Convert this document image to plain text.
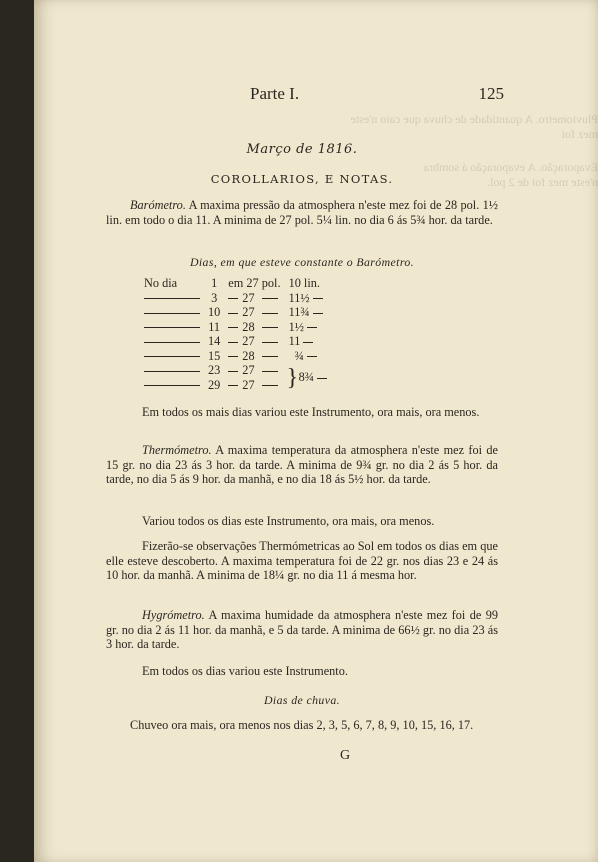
Pluviometro. A quantidade de chuva que caio n'este mez foi
Evaporação. A evaporação á sombra n'este mez foi de 2 pol.
Parte I.	125
Março de 1816.
COROLLARIOS, E NOTAS.

Barómetro. A maxima pressão da atmosphera n'este mez foi de 28 pol. 1½ lin. em todo o dia 11. A minima de 27 pol. 5¼ lin. no dia 6 ás 5¾ hor. da tarde.

Dias, em que esteve constante o Barómetro.
No dia	1	em 27 pol.	10 lin.
	3	27	11½
	10	27	11¾
	11	28	1½
	14	27	11
	15	28	¾
	23	27	} 8¾

	29	27	

Em todos os mais dias variou este Instrumento, ora mais, ora menos.

Thermómetro. A maxima temperatura da atmosphera n'este mez foi de 15 gr. no dia 23 ás 3 hor. da tarde. A minima de 9¾ gr. no dia 2 ás 5 hor. da tarde, no dia 5 ás 9 hor. da manhã, e no dia 18 ás 5½ hor. da tarde.

Variou todos os dias este Instrumento, ora mais, ora menos.

Fizerão-se observações Thermómetricas ao Sol em todos os dias em que elle esteve descoberto. A maxima temperatura foi de 22 gr. nos dias 23 e 24 ás 10 hor. da manhã. A minima de 18¼ gr. no dia 11 á mesma hor.

Hygrómetro. A maxima humidade da atmosphera n'este mez foi de 99 gr. no dia 2 ás 11 hor. da manhã, e 5 da tarde. A minima de 66½ gr. no dia 23 ás 3 hor. da tarde.

Em todos os dias variou este Instrumento.

Dias de chuva.

Chuveo ora mais, ora menos nos dias 2, 3, 5, 6, 7, 8, 9, 10, 15, 16, 17.

G
